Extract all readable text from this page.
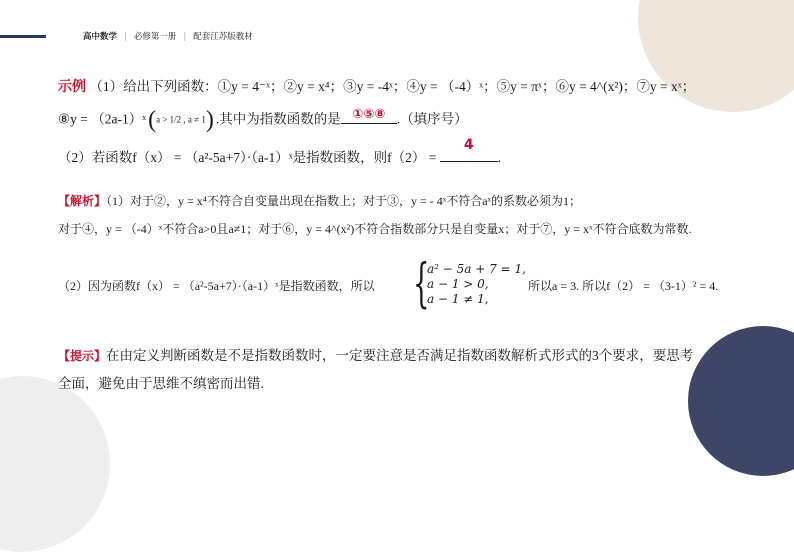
高中数学 | 必修第一册 | 配套江苏版教材
示例 （1）给出下列函数：①y = 4⁻ˣ；②y = x⁴；③y = -4ˣ；④y = （-4）ˣ；⑤y = πˣ；⑥y = 4^(x²)；⑦y = xˣ；
⑧y = （2a-1）ˣ(a > 1/2 , a ≠ 1) .其中为指数函数的是 ①⑤⑧ .（填序号）
（2）若函数f（x） = （a²-5a+7）·（a-1）ˣ是指数函数，则f（2） =
4
.
【解析】（1）对于②，y = x⁴不符合自变量出现在指数上；对于③，y = - 4ˣ不符合aˣ的系数必须为1；
对于④，y = （-4）ˣ不符合a>0且a≠1；对于⑥，y = 4^(x²)不符合指数部分只是自变量x；对于⑦，y = xˣ不符合底数为常数.
（2）因为函数f（x） = （a²-5a+7）·（a-1）ˣ是指数函数，所以 {
a² − 5a + 7 = 1,
a − 1 > 0,
a − 1 ≠ 1,
所以a = 3. 所以f（2） = （3-1）² = 4.
【提示】在由定义判断函数是不是指数函数时，一定要注意是否满足指数函数解析式形式的3个要求，要思考
全面，避免由于思维不缜密而出错.
